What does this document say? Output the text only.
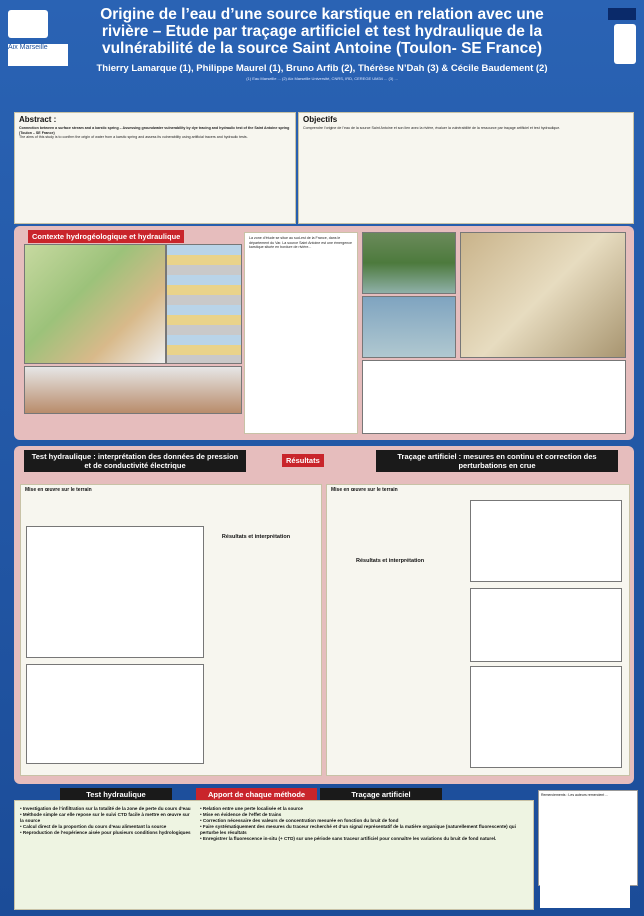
Aix Marseille
Origine de l’eau d’une source karstique en relation avec une rivière – Etude par traçage artificiel et test hydraulique de la vulnérabilité de la source Saint Antoine (Toulon- SE France)
Thierry Lamarque (1), Philippe Maurel (1), Bruno Arfib (2), Thérèse N’Dah (3) & Cécile Baudement (2)
(1) Eau Marseille ... (2) Aix Marseille Université, CNRS, IRD, CEREGE UM34 ... (3) ...
Abstract :
Connection between a surface stream and a karstic spring – Assessing groundwater vulnerability by dye tracing and hydraulic test of the Saint Antoine spring (Toulon – SE France)
The aims of this study is to confirm the origin of water from a karstic spring and assess its vulnerability using artificial tracers and hydraulic tests.
Objectifs
Comprendre l’origine de l’eau de la source Saint Antoine et son lien avec la rivière, évaluer la vulnérabilité de la ressource par traçage artificiel et test hydraulique.
Contexte hydrogéologique et hydraulique	La zone d’étude se situe au sud-est de la France, dans le département du Var. La source Saint Antoine est une émergence karstique située en bordure de rivière...
Test hydraulique : interprétation des données de pression et de conductivité électrique
Résultats	Traçage artificiel : mesures en continu et correction des perturbations en crue
Mise en œuvre sur le terrain
Résultats et interprétation
Mise en œuvre sur le terrain
Résultats et interprétation
Test hydraulique	Apport de chaque méthode	Traçage artificiel
• Investigation de l’infiltration sur la totalité de la zone de perte du cours d’eau
• Méthode simple car elle repose sur le suivi CTD facile à mettre en œuvre sur la source
• Calcul direct de la proportion du cours d’eau alimentant la source
• Reproduction de l’expérience aisée pour plusieurs conditions hydrologiques
• Relation entre une perte localisée et la source
• Mise en évidence de l’effet de trains
• Correction nécessaire des valeurs de concentration mesurée en fonction du bruit de fond
• Faire systématiquement des mesures du traceur recherché et d’un signal représentatif de la matière organique (naturellement fluorescente) qui perturbe les résultats
• Enregistrer la fluorescence in-situ (+ CTD) sur une période sans traceur artificiel pour connaître les variations du bruit de fond naturel.
Remerciements : Les auteurs remercient ...
